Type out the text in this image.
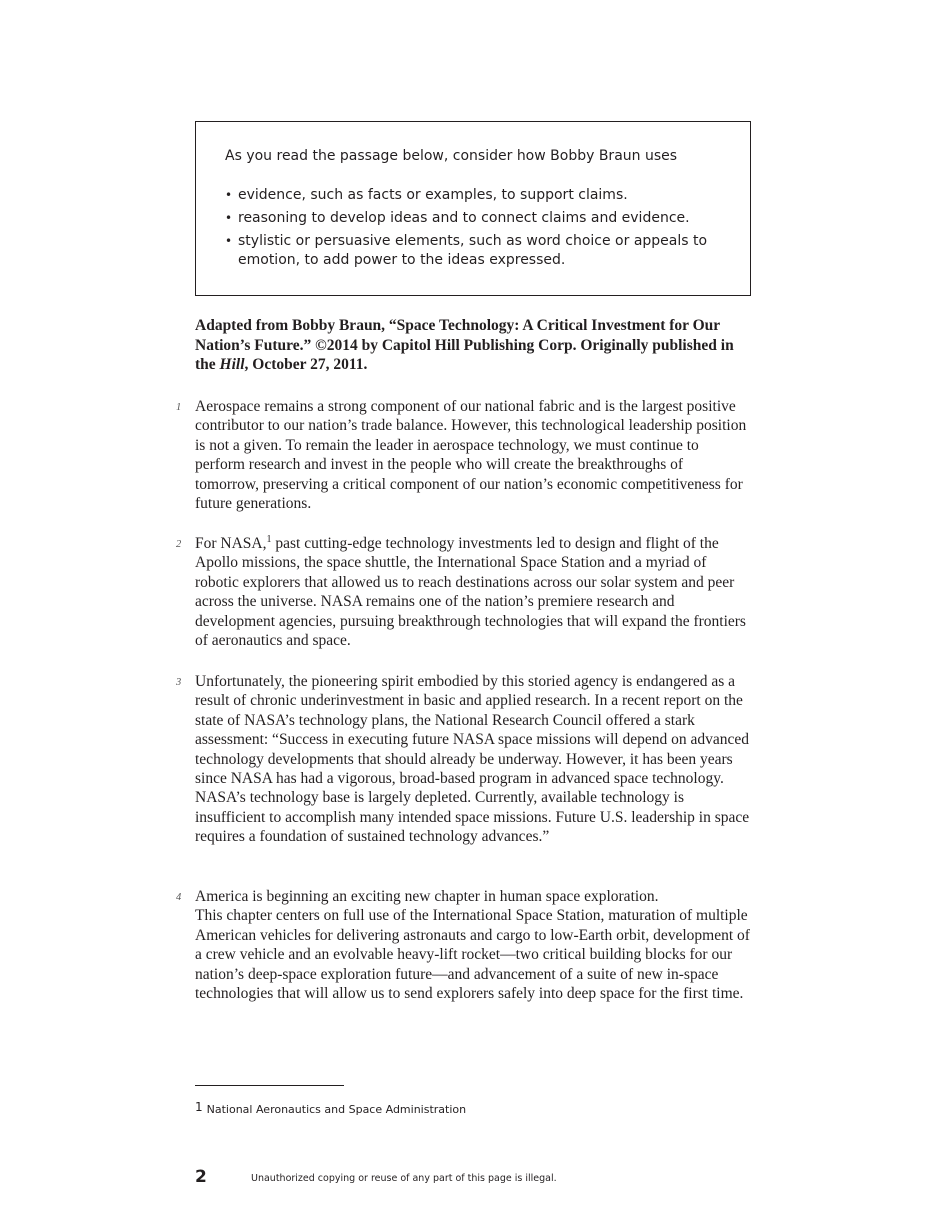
As you read the passage below, consider how Bobby Braun uses
• evidence, such as facts or examples, to support claims.
• reasoning to develop ideas and to connect claims and evidence.
• stylistic or persuasive elements, such as word choice or appeals to emotion, to add power to the ideas expressed.
Adapted from Bobby Braun, “Space Technology: A Critical Investment for Our Nation’s Future.” ©2014 by Capitol Hill Publishing Corp. Originally published in the Hill, October 27, 2011.
1 Aerospace remains a strong component of our national fabric and is the largest positive contributor to our nation’s trade balance. However, this technological leadership position is not a given. To remain the leader in aerospace technology, we must continue to perform research and invest in the people who will create the breakthroughs of tomorrow, preserving a critical component of our nation’s economic competitiveness for future generations.
2 For NASA,$^1$ past cutting-edge technology investments led to design and flight of the Apollo missions, the space shuttle, the International Space Station and a myriad of robotic explorers that allowed us to reach destinations across our solar system and peer across the universe. NASA remains one of the nation’s premiere research and development agencies, pursuing breakthrough technologies that will expand the frontiers of aeronautics and space.
3 Unfortunately, the pioneering spirit embodied by this storied agency is endangered as a result of chronic underinvestment in basic and applied research. In a recent report on the state of NASA’s technology plans, the National Research Council offered a stark assessment: “Success in executing future NASA space missions will depend on advanced technology developments that should already be underway. However, it has been years since NASA has had a vigorous, broad-based program in advanced space technology. NASA’s technology base is largely depleted. Currently, available technology is insufficient to accomplish many intended space missions. Future U.S. leadership in space requires a foundation of sustained technology advances.”
4 America is beginning an exciting new chapter in human space exploration.
This chapter centers on full use of the International Space Station, maturation of multiple American vehicles for delivering astronauts and cargo to low-Earth orbit, development of a crew vehicle and an evolvable heavy-lift rocket—two critical building blocks for our nation’s deep-space exploration future—and advancement of a suite of new in-space technologies that will allow us to send explorers safely into deep space for the first time.
1 National Aeronautics and Space Administration
2	Unauthorized copying or reuse of any part of this page is illegal.
